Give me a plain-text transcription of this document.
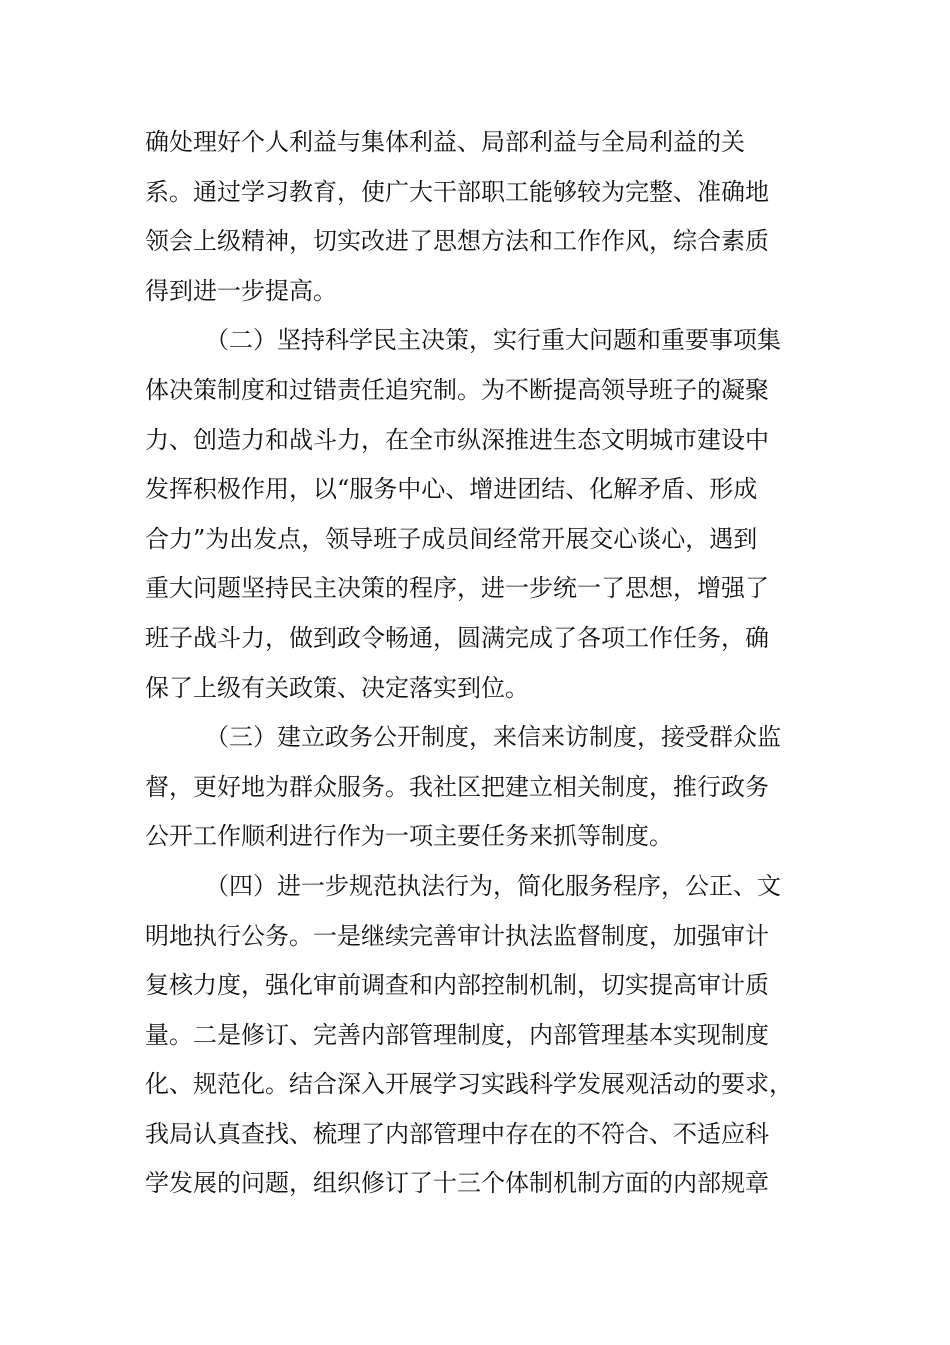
确处理好个人利益与集体利益、局部利益与全局利益的关
系。通过学习教育，使广大干部职工能够较为完整、准确地
领会上级精神，切实改进了思想方法和工作作风，综合素质
得到进一步提高。
（二）坚持科学民主决策，实行重大问题和重要事项集
体决策制度和过错责任追究制。为不断提高领导班子的凝聚
力、创造力和战斗力，在全市纵深推进生态文明城市建设中
发挥积极作用，以“服务中心、增进团结、化解矛盾、形成
合力”为出发点，领导班子成员间经常开展交心谈心，遇到
重大问题坚持民主决策的程序，进一步统一了思想，增强了
班子战斗力，做到政令畅通，圆满完成了各项工作任务，确
保了上级有关政策、决定落实到位。
（三）建立政务公开制度，来信来访制度，接受群众监
督，更好地为群众服务。我社区把建立相关制度，推行政务
公开工作顺利进行作为一项主要任务来抓等制度。
（四）进一步规范执法行为，简化服务程序，公正、文
明地执行公务。一是继续完善审计执法监督制度，加强审计
复核力度，强化审前调查和内部控制机制，切实提高审计质
量。二是修订、完善内部管理制度，内部管理基本实现制度
化、规范化。结合深入开展学习实践科学发展观活动的要求，
我局认真查找、梳理了内部管理中存在的不符合、不适应科
学发展的问题，组织修订了十三个体制机制方面的内部规章
